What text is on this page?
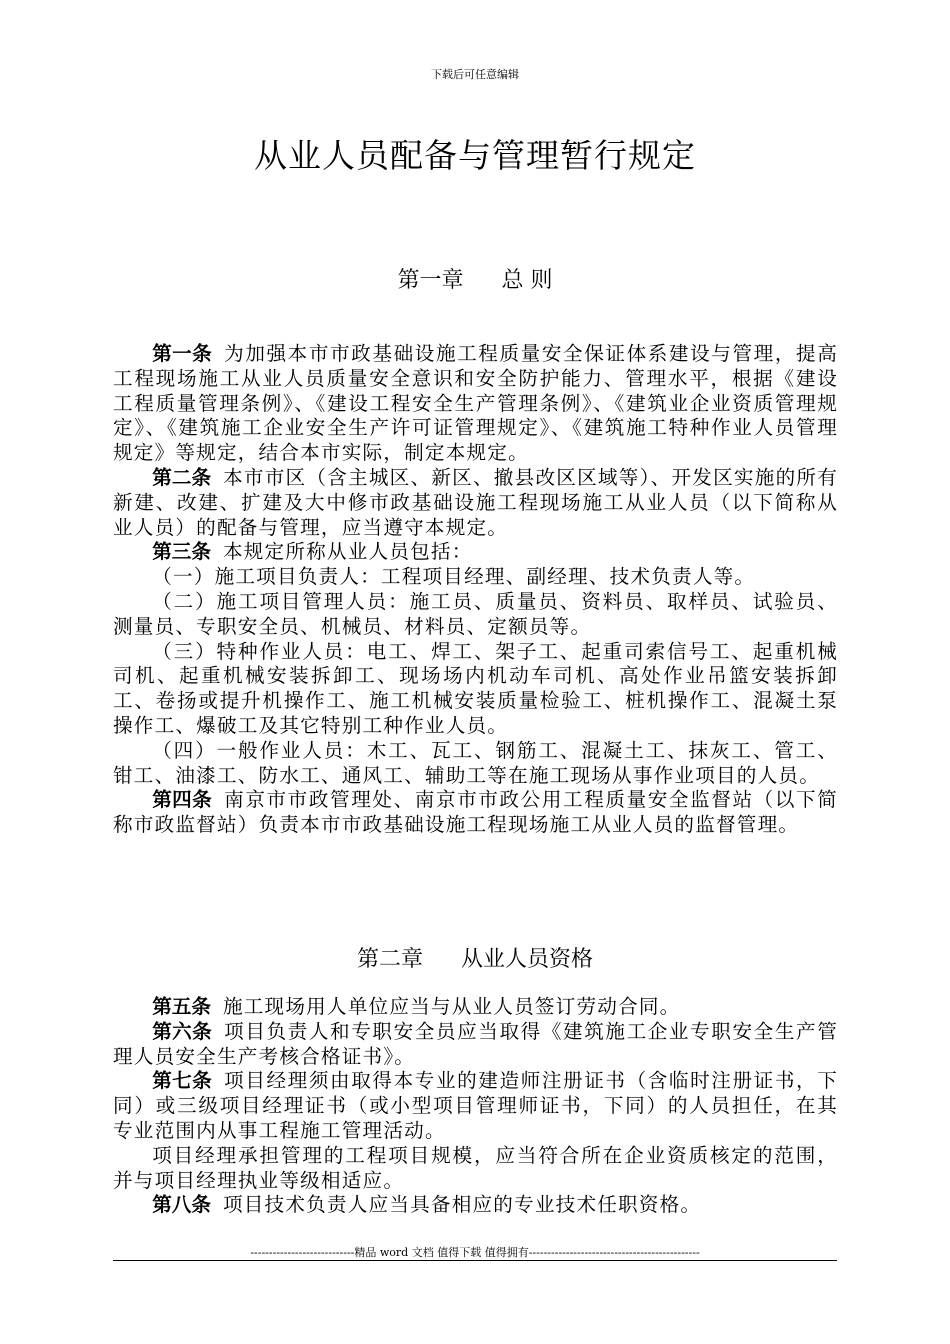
下载后可任意编辑
从业人员配备与管理暂行规定
第一章 总 则

第一条 为加强本市市政基础设施工程质量安全保证体系建设与管理，提高工程现场施工从业人员质量安全意识和安全防护能力、管理水平，根据《建设工程质量管理条例》、《建设工程安全生产管理条例》、《建筑业企业资质管理规定》、《建筑施工企业安全生产许可证管理规定》、《建筑施工特种作业人员管理规定》等规定，结合本市实际，制定本规定。

第二条 本市市区（含主城区、新区、撤县改区区域等）、开发区实施的所有新建、改建、扩建及大中修市政基础设施工程现场施工从业人员（以下简称从业人员）的配备与管理，应当遵守本规定。

第三条 本规定所称从业人员包括：

（一）施工项目负责人：工程项目经理、副经理、技术负责人等。

（二）施工项目管理人员：施工员、质量员、资料员、取样员、试验员、测量员、专职安全员、机械员、材料员、定额员等。

（三）特种作业人员：电工、焊工、架子工、起重司索信号工、起重机械司机、起重机械安装拆卸工、现场场内机动车司机、高处作业吊篮安装拆卸工、卷扬或提升机操作工、施工机械安装质量检验工、桩机操作工、混凝土泵操作工、爆破工及其它特别工种作业人员。

（四）一般作业人员：木工、瓦工、钢筋工、混凝土工、抹灰工、管工、钳工、油漆工、防水工、通风工、辅助工等在施工现场从事作业项目的人员。

第四条 南京市市政管理处、南京市市政公用工程质量安全监督站（以下简称市政监督站）负责本市市政基础设施工程现场施工从业人员的监督管理。

第二章 从业人员资格

第五条 施工现场用人单位应当与从业人员签订劳动合同。

第六条 项目负责人和专职安全员应当取得《建筑施工企业专职安全生产管理人员安全生产考核合格证书》。

第七条 项目经理须由取得本专业的建造师注册证书（含临时注册证书，下同）或三级项目经理证书（或小型项目管理师证书，下同）的人员担任，在其专业范围内从事工程施工管理活动。

项目经理承担管理的工程项目规模，应当符合所在企业资质核定的范围，并与项目经理执业等级相适应。

第八条 项目技术负责人应当具备相应的专业技术任职资格。

----------------------------精品 word 文档 值得下载 值得拥有----------------------------------------------
